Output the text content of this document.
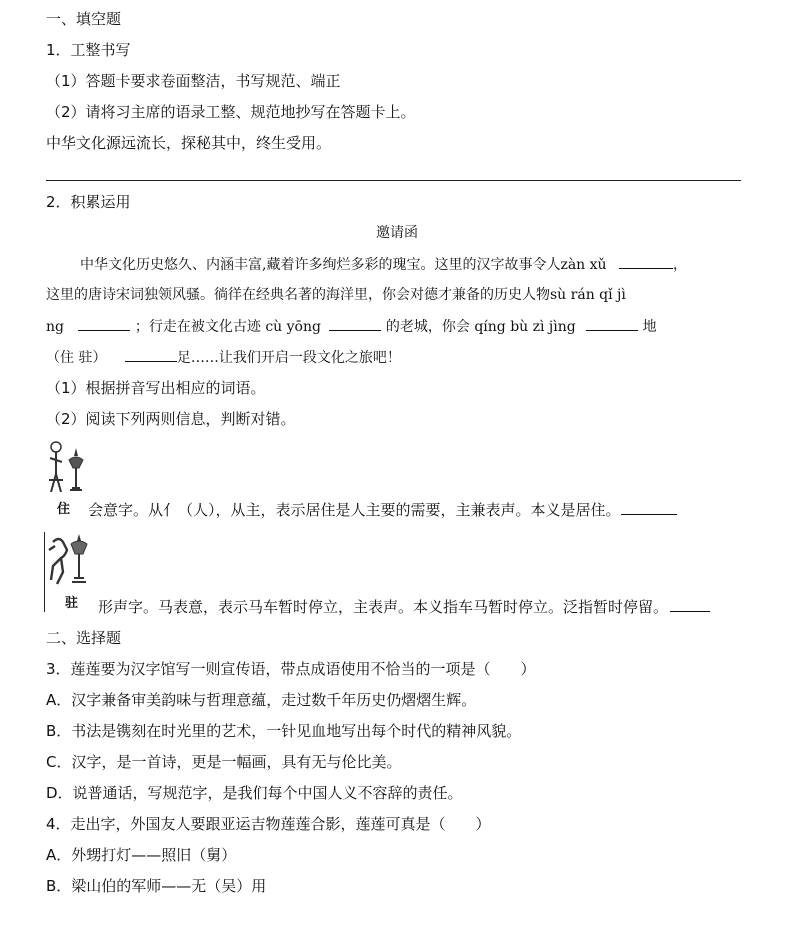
一、填空题
1．工整书写
（1）答题卡要求卷面整洁，书写规范、端正
（2）请将习主席的语录工整、规范地抄写在答题卡上。
中华文化源远流长，探秘其中，终生受用。
2．积累运用
邀请函
中华文化历史悠久、内涵丰富,藏着许多绚烂多彩的瑰宝。这里的汉字故事令人zàn xǔ	，
这里的唐诗宋词独领风骚。徜徉在经典名著的海洋里，你会对德才兼备的历史人物sù rán qǐ jì
ng	；行走在被文化古迹 cù yōng	的老城，你会 qíng bù zì jìng	地
（住 驻）	足……让我们开启一段文化之旅吧！
（1）根据拼音写出相应的词语。
（2）阅读下列两则信息，判断对错。
住 会意字。从亻（人），从主，表示居住是人主要的需要，主兼表声。本义是居住。
驻 形声字。马表意，表示马车暂时停立，主表声。本义指车马暂时停立。泛指暂时停留。
二、选择题
3．莲莲要为汉字馆写一则宣传语，带点成语使用不恰当的一项是（　　）
A．汉字兼备审美韵味与哲理意蕴，走过数千年历史仍熠熠生辉。
B．书法是镌刻在时光里的艺术，一针见血地写出每个时代的精神风貌。
C．汉字，是一首诗，更是一幅画，具有无与伦比美。
D．说普通话，写规范字，是我们每个中国人义不容辞的责任。
4．走出字，外国友人要跟亚运吉物莲莲合影，莲莲可真是（　　）
A．外甥打灯——照旧（舅）
B．梁山伯的军师——无（吴）用
